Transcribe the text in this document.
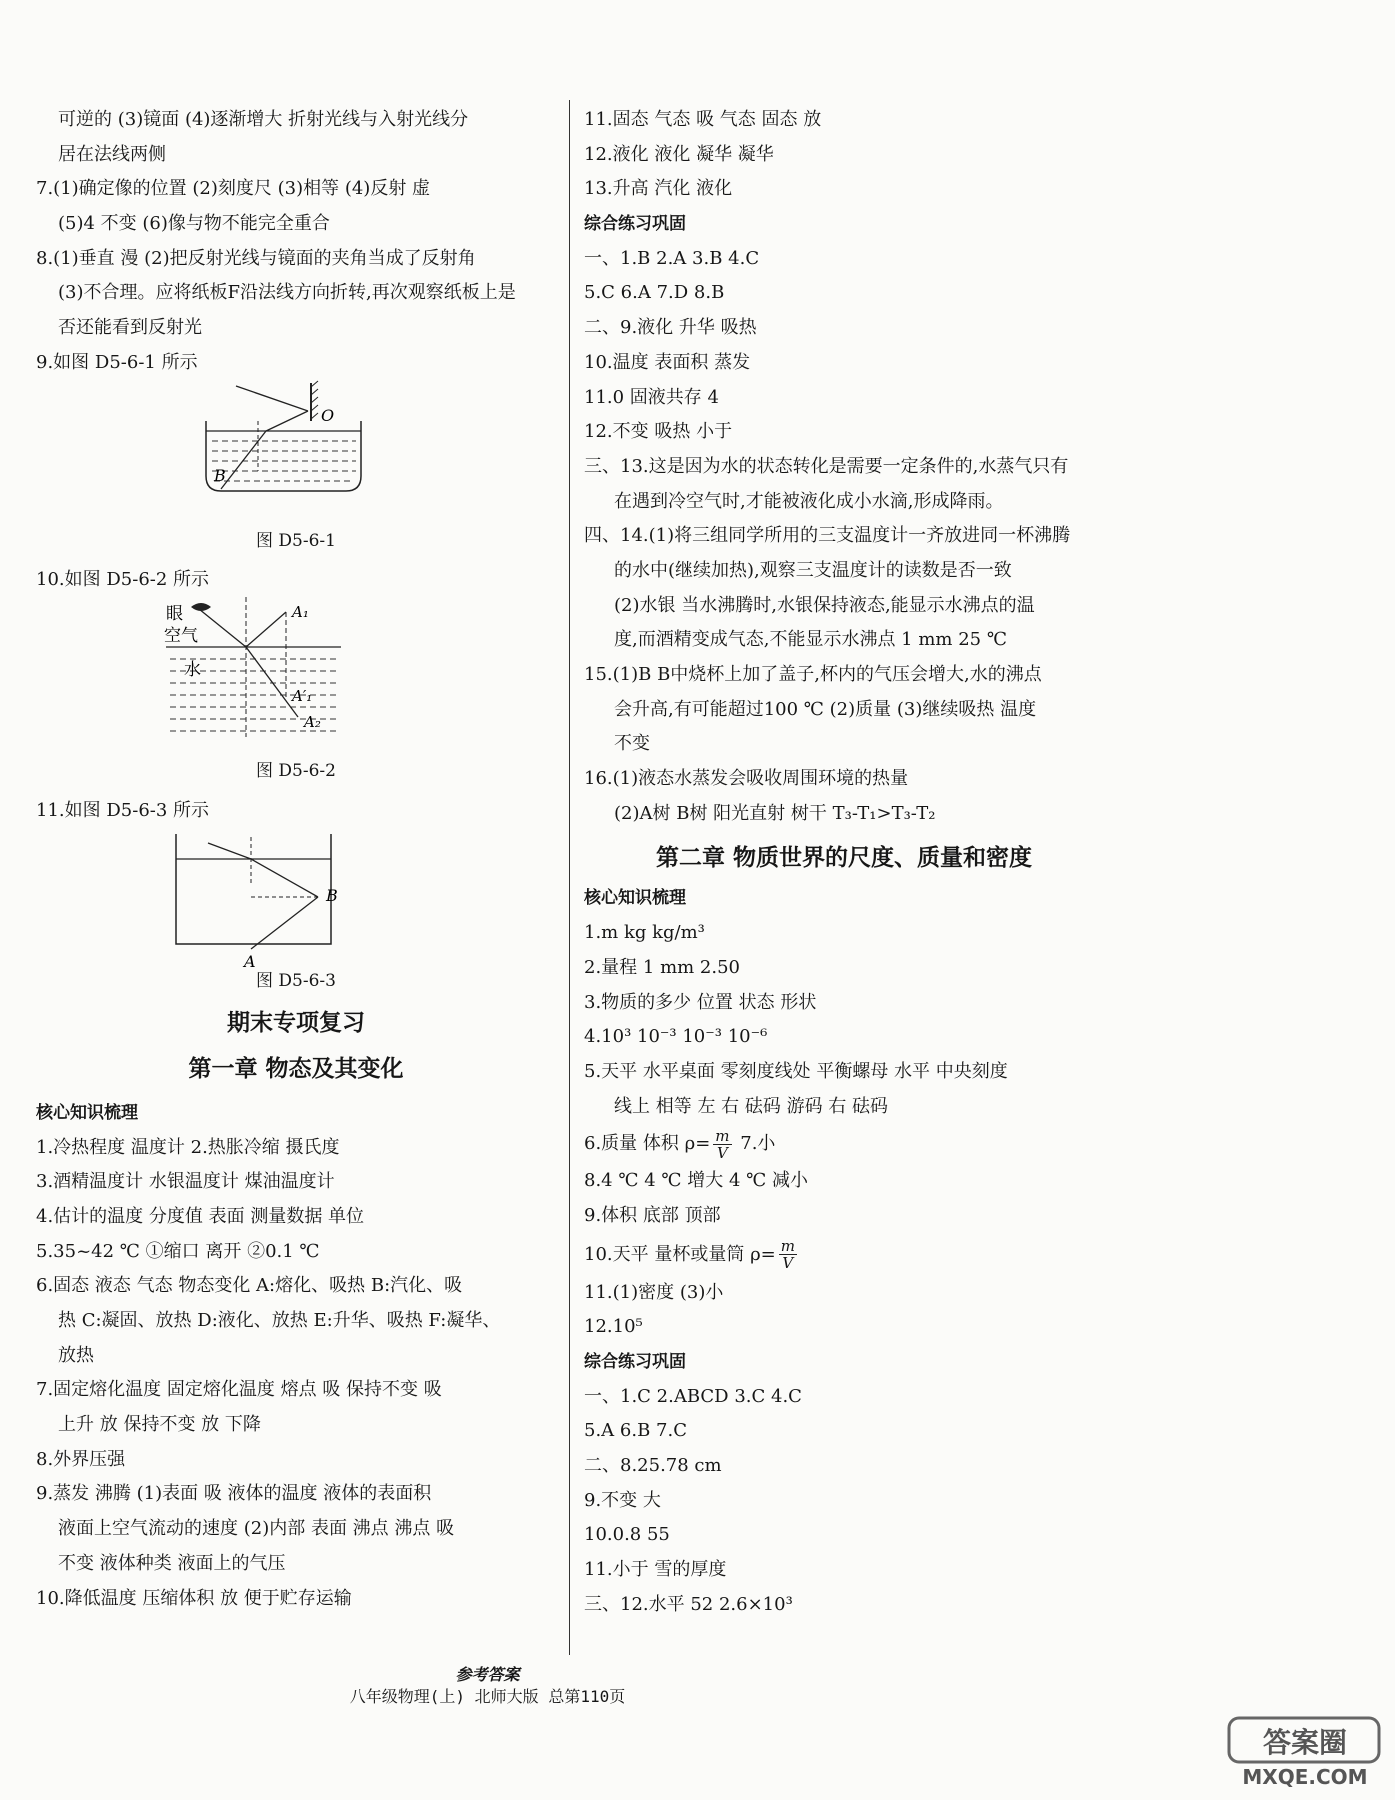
可逆的 (3)镜面 (4)逐渐增大 折射光线与入射光线分
居在法线两侧
7.(1)确定像的位置 (2)刻度尺 (3)相等 (4)反射 虚
(5)4 不变 (6)像与物不能完全重合
8.(1)垂直 漫 (2)把反射光线与镜面的夹角当成了反射角
(3)不合理。应将纸板F沿法线方向折转,再次观察纸板上是
否还能看到反射光
9.如图 D5-6-1 所示
O
B
图 D5-6-1
10.如图 D5-6-2 所示
眼	A₁
A′₁
A₂
空气
水
图 D5-6-2
11.如图 D5-6-3 所示
B
A
图 D5-6-3
期末专项复习
第一章 物态及其变化
核心知识梳理
1.冷热程度 温度计 2.热胀冷缩 摄氏度
3.酒精温度计 水银温度计 煤油温度计
4.估计的温度 分度值 表面 测量数据 单位
5.35~42 ℃ ①缩口 离开 ②0.1 ℃
6.固态 液态 气态 物态变化 A:熔化、吸热 B:汽化、吸
热 C:凝固、放热 D:液化、放热 E:升华、吸热 F:凝华、
放热
7.固定熔化温度 固定熔化温度 熔点 吸 保持不变 吸
上升 放 保持不变 放 下降
8.外界压强
9.蒸发 沸腾 (1)表面 吸 液体的温度 液体的表面积
液面上空气流动的速度 (2)内部 表面 沸点 沸点 吸
不变 液体种类 液面上的气压
10.降低温度 压缩体积 放 便于贮存运输
11.固态 气态 吸 气态 固态 放
12.液化 液化 凝华 凝华
13.升高 汽化 液化
综合练习巩固
一、1.B 2.A 3.B 4.C
5.C 6.A 7.D 8.B
二、9.液化 升华 吸热
10.温度 表面积 蒸发
11.0 固液共存 4
12.不变 吸热 小于
三、13.这是因为水的状态转化是需要一定条件的,水蒸气只有
在遇到冷空气时,才能被液化成小水滴,形成降雨。
四、14.(1)将三组同学所用的三支温度计一齐放进同一杯沸腾
的水中(继续加热),观察三支温度计的读数是否一致
(2)水银 当水沸腾时,水银保持液态,能显示水沸点的温
度,而酒精变成气态,不能显示水沸点 1 mm 25 ℃
15.(1)B B中烧杯上加了盖子,杯内的气压会增大,水的沸点
会升高,有可能超过100 ℃ (2)质量 (3)继续吸热 温度
不变
16.(1)液态水蒸发会吸收周围环境的热量
(2)A树 B树 阳光直射 树干 T₃-T₁>T₃-T₂
第二章 物质世界的尺度、质量和密度
核心知识梳理
1.m kg kg/m³
2.量程 1 mm 2.50
3.物质的多少 位置 状态 形状
4.10³ 10⁻³ 10⁻³ 10⁻⁶
5.天平 水平桌面 零刻度线处 平衡螺母 水平 中央刻度
线上 相等 左 右 砝码 游码 右 砝码
6.质量 体积 $\rho= \frac{m}{V} 7$.小
8.4 ℃ 4 ℃ 增大 4 ℃ 减小
9.体积 底部 顶部
10.天平 量杯或量筒 $\rho= \frac{m}{V}$
11.(1)密度 (3)小
12.10⁵
综合练习巩固
一、1.C 2.ABCD 3.C 4.C
5.A 6.B 7.C
二、8.25.78 cm
9.不变 大
10.0.8 55
11.小于 雪的厚度
三、12.水平 52 2.6×10³
参考答案
八年级物理(上) 北师大版 总第110页
答案圈
MXQE.COM
